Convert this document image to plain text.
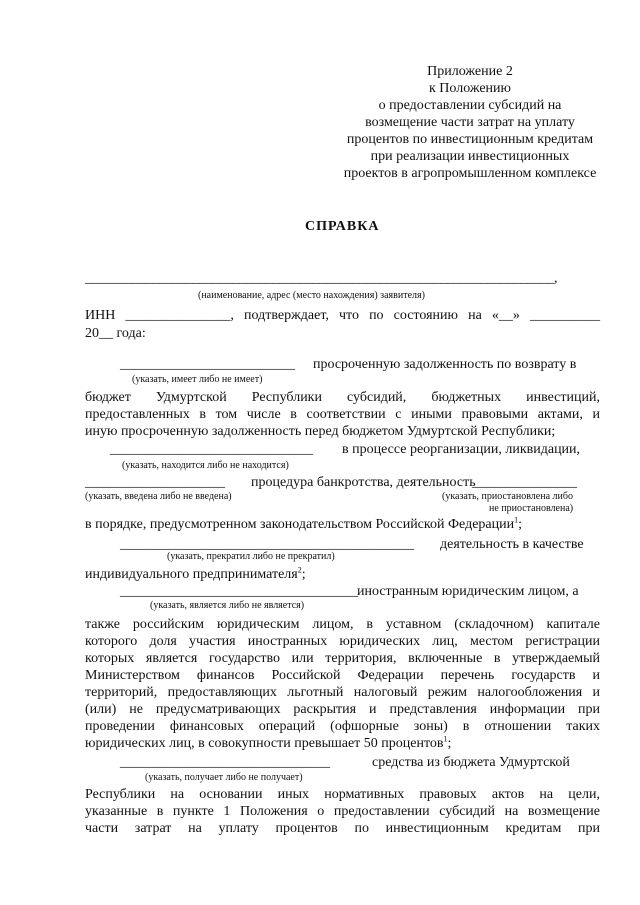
Приложение 2
к Положению
о предоставлении субсидий на
возмещение части затрат на уплату
процентов по инвестиционным кредитам
при реализации инвестиционных
проектов в агропромышленном комплексе
СПРАВКА
______________________________________________________________________,
(наименование, адрес (место нахождения) заявителя)
ИНН _______________, подтверждает, что по состоянию на «__» __________
20__ года:
_________________________ просроченную задолженность по возврату в
(указать, имеет либо не имеет)
бюджет Удмуртской Республики субсидий, бюджетных инвестиций,
предоставленных в том числе в соответствии с иными правовыми актами, и
иную просроченную задолженность перед бюджетом Удмуртской Республики;
_____________________________ в процессе реорганизации, ликвидации,
(указать, находится либо не находится)
____________________ процедура банкротства, деятельность
_______________
(указать, введена либо не введена)	(указать, приостановлена либо
не приостановлена)
в порядке, предусмотренном законодательством Российской Федерации$^1$;
__________________________________________ деятельность в качестве
(указать, прекратил либо не прекратил)
индивидуального предпринимателя$^2$;
__________________________________ иностранным юридическим лицом, а
(указать, является либо не является)
также российским юридическим лицом, в уставном (складочном) капитале
которого доля участия иностранных юридических лиц, местом регистрации
которых является государство или территория, включенные в утверждаемый
Министерством финансов Российской Федерации перечень государств и
территорий, предоставляющих льготный налоговый режим налогообложения и
(или) не предусматривающих раскрытия и представления информации при
проведении финансовых операций (офшорные зоны) в отношении таких
юридических лиц, в совокупности превышает 50 процентов$^1$;
______________________________	средства из бюджета Удмуртской
(указать, получает либо не получает)
Республики на основании иных нормативных правовых актов на цели,
указанные в пункте 1 Положения о предоставлении субсидий на возмещение
части затрат на уплату процентов по инвестиционным кредитам при
